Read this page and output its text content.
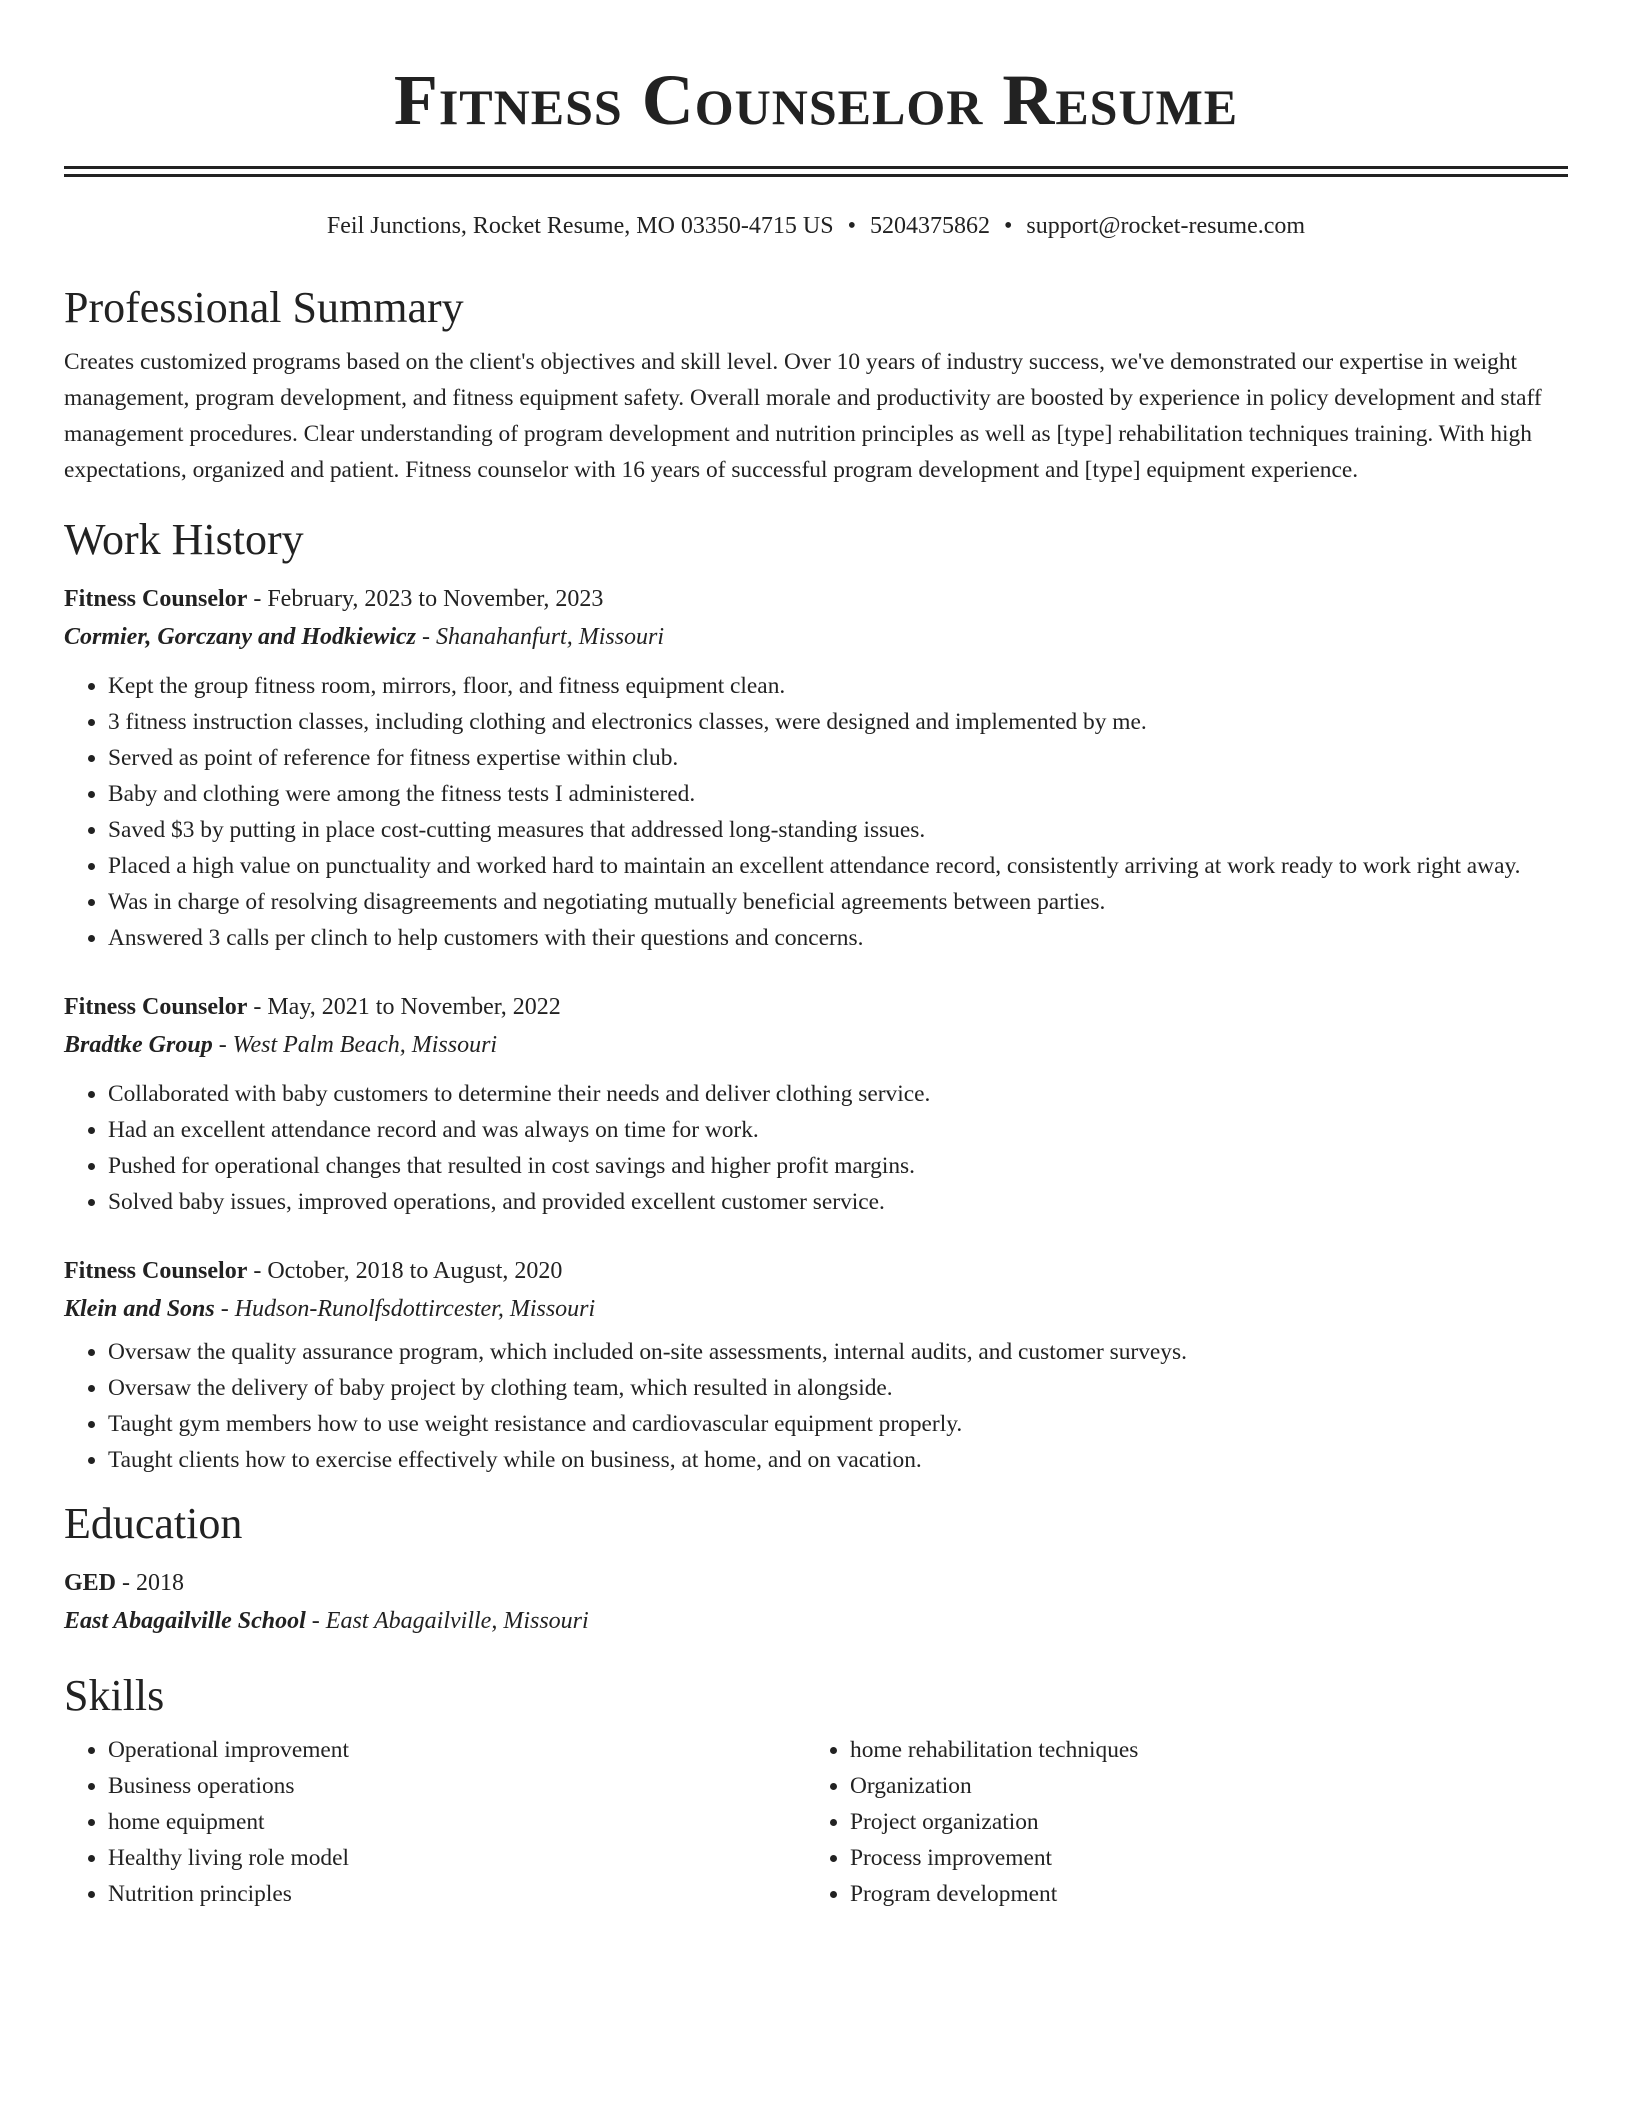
Fitness Counselor Resume
Feil Junctions, Rocket Resume, MO 03350-4715 US • 5204375862 • support@rocket-resume.com
Professional Summary

Creates customized programs based on the client's objectives and skill level. Over 10 years of industry success, we've demonstrated our expertise in weight management, program development, and fitness equipment safety. Overall morale and productivity are boosted by experience in policy development and staff management procedures. Clear understanding of program development and nutrition principles as well as [type] rehabilitation techniques training. With high expectations, organized and patient. Fitness counselor with 16 years of successful program development and [type] equipment experience.

Work History
Fitness Counselor - February, 2023 to November, 2023
Cormier, Gorczany and Hodkiewicz - Shanahanfurt, Missouri
• Kept the group fitness room, mirrors, floor, and fitness equipment clean.
• 3 fitness instruction classes, including clothing and electronics classes, were designed and implemented by me.
• Served as point of reference for fitness expertise within club.
• Baby and clothing were among the fitness tests I administered.
• Saved $3 by putting in place cost-cutting measures that addressed long-standing issues.
• Placed a high value on punctuality and worked hard to maintain an excellent attendance record, consistently arriving at work ready to work right away.
• Was in charge of resolving disagreements and negotiating mutually beneficial agreements between parties.
• Answered 3 calls per clinch to help customers with their questions and concerns.
Fitness Counselor - May, 2021 to November, 2022
Bradtke Group - West Palm Beach, Missouri
• Collaborated with baby customers to determine their needs and deliver clothing service.
• Had an excellent attendance record and was always on time for work.
• Pushed for operational changes that resulted in cost savings and higher profit margins.
• Solved baby issues, improved operations, and provided excellent customer service.
Fitness Counselor - October, 2018 to August, 2020
Klein and Sons - Hudson-Runolfsdottircester, Missouri
• Oversaw the quality assurance program, which included on-site assessments, internal audits, and customer surveys.
• Oversaw the delivery of baby project by clothing team, which resulted in alongside.
• Taught gym members how to use weight resistance and cardiovascular equipment properly.
• Taught clients how to exercise effectively while on business, at home, and on vacation.
Education
GED - 2018
East Abagailville School - East Abagailville, Missouri
Skills
• Operational improvement
• Business operations
• home equipment
• Healthy living role model
• Nutrition principles
• home rehabilitation techniques
• Organization
• Project organization
• Process improvement
• Program development
